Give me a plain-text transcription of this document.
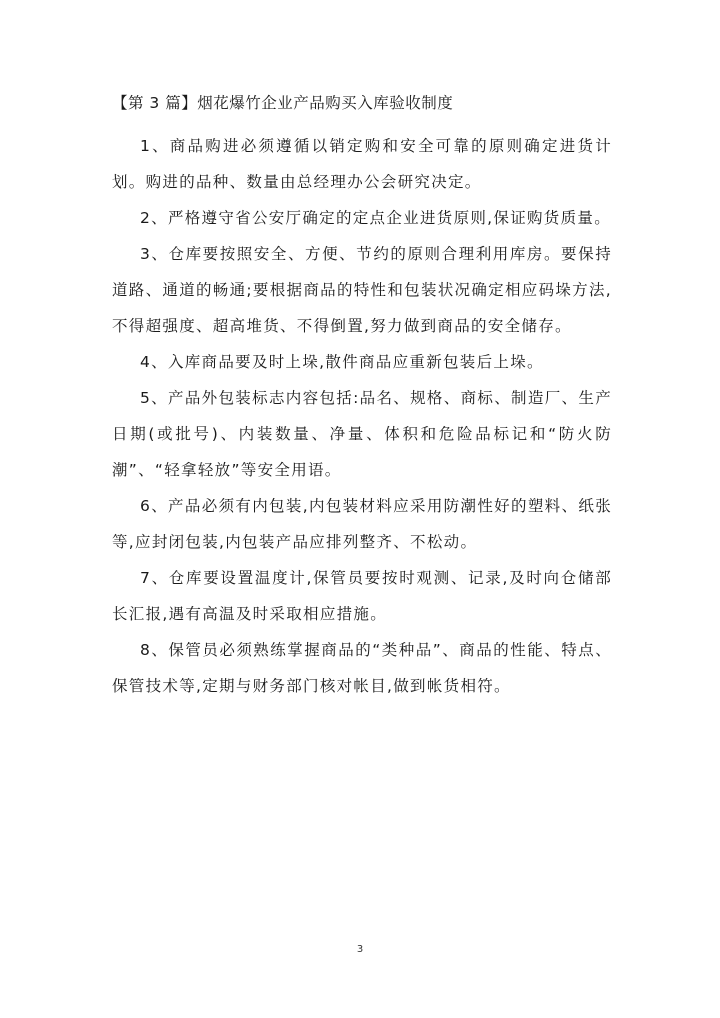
【第 3 篇】烟花爆竹企业产品购买入库验收制度

1、商品购进必须遵循以销定购和安全可靠的原则确定进货计划。购进的品种、数量由总经理办公会研究决定。

2、严格遵守省公安厅确定的定点企业进货原则,保证购货质量。

3、仓库要按照安全、方便、节约的原则合理利用库房。要保持道路、通道的畅通;要根据商品的特性和包装状况确定相应码垛方法,不得超强度、超高堆货、不得倒置,努力做到商品的安全储存。

4、入库商品要及时上垛,散件商品应重新包装后上垛。

5、产品外包装标志内容包括:品名、规格、商标、制造厂、生产日期(或批号)、内装数量、净量、体积和危险品标记和“防火防潮”、“轻拿轻放”等安全用语。

6、产品必须有内包装,内包装材料应采用防潮性好的塑料、纸张等,应封闭包装,内包装产品应排列整齐、不松动。

7、仓库要设置温度计,保管员要按时观测、记录,及时向仓储部长汇报,遇有高温及时采取相应措施。

8、保管员必须熟练掌握商品的“类种品”、商品的性能、特点、保管技术等,定期与财务部门核对帐目,做到帐货相符。

3
